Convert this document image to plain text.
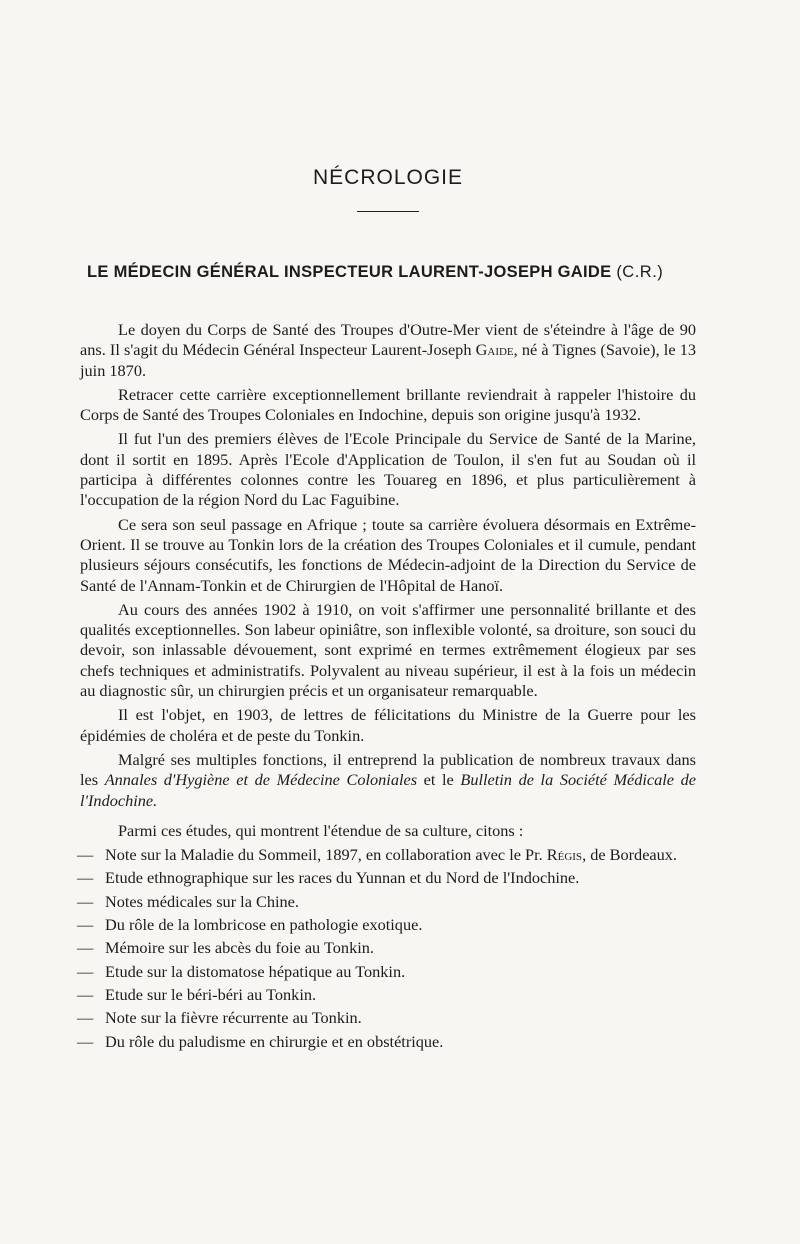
NÉCROLOGIE
LE MÉDECIN GÉNÉRAL INSPECTEUR LAURENT-JOSEPH GAIDE (C.R.)

Le doyen du Corps de Santé des Troupes d'Outre-Mer vient de s'éteindre à l'âge de 90 ans. Il s'agit du Médecin Général Inspecteur Laurent-Joseph Gaide, né à Tignes (Savoie), le 13 juin 1870.

Retracer cette carrière exceptionnellement brillante reviendrait à rappeler l'histoire du Corps de Santé des Troupes Coloniales en Indochine, depuis son origine jusqu'à 1932.

Il fut l'un des premiers élèves de l'Ecole Principale du Service de Santé de la Marine, dont il sortit en 1895. Après l'Ecole d'Application de Toulon, il s'en fut au Soudan où il participa à différentes colonnes contre les Touareg en 1896, et plus particulièrement à l'occupation de la région Nord du Lac Faguibine.

Ce sera son seul passage en Afrique ; toute sa carrière évoluera désormais en Extrême-Orient. Il se trouve au Tonkin lors de la création des Troupes Coloniales et il cumule, pendant plusieurs séjours consécutifs, les fonctions de Médecin-adjoint de la Direction du Service de Santé de l'Annam-Tonkin et de Chirurgien de l'Hôpital de Hanoï.

Au cours des années 1902 à 1910, on voit s'affirmer une personnalité brillante et des qualités exceptionnelles. Son labeur opiniâtre, son inflexible volonté, sa droiture, son souci du devoir, son inlassable dévouement, sont exprimé en termes extrêmement élogieux par ses chefs techniques et administratifs. Polyvalent au niveau supérieur, il est à la fois un médecin au diagnostic sûr, un chirurgien précis et un organisateur remarquable.

Il est l'objet, en 1903, de lettres de félicitations du Ministre de la Guerre pour les épidémies de choléra et de peste du Tonkin.

Malgré ses multiples fonctions, il entreprend la publication de nombreux travaux dans les Annales d'Hygiène et de Médecine Coloniales et le Bulletin de la Société Médicale de l'Indochine.

Parmi ces études, qui montrent l'étendue de sa culture, citons :

— Note sur la Maladie du Sommeil, 1897, en collaboration avec le Pr. Régis, de Bordeaux.
— Etude ethnographique sur les races du Yunnan et du Nord de l'Indochine.
— Notes médicales sur la Chine.
— Du rôle de la lombricose en pathologie exotique.
— Mémoire sur les abcès du foie au Tonkin.
— Etude sur la distomatose hépatique au Tonkin.
— Etude sur le béri-béri au Tonkin.
— Note sur la fièvre récurrente au Tonkin.
— Du rôle du paludisme en chirurgie et en obstétrique.
